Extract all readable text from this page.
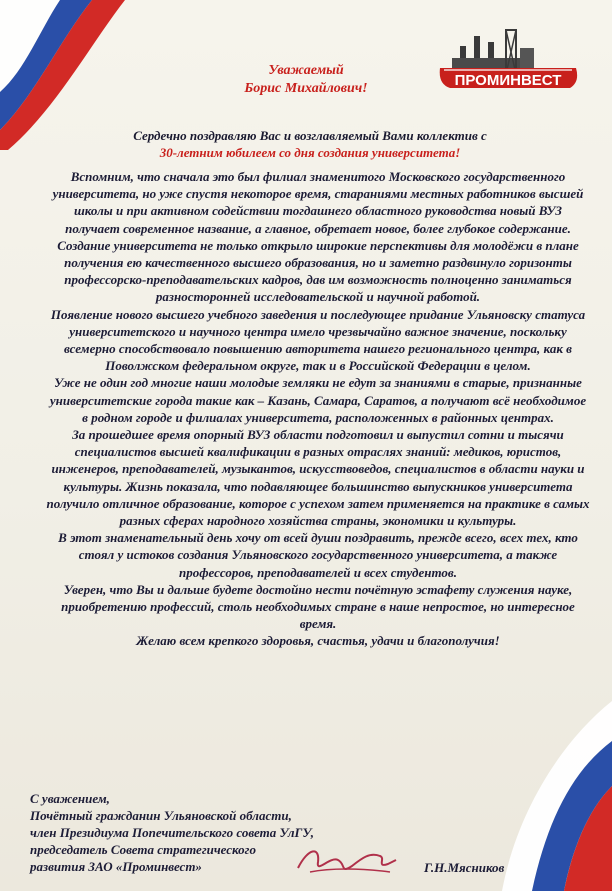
ПРОМИНВЕСТ
Уважаемый
Борис Михайлович!
Сердечно поздравляю Вас и возглавляемый Вами коллектив с
30-летним юбилеем со дня создания университета!

Вспомним, что сначала это был филиал знаменитого Московского государственного университета, но уже спустя некоторое время, стараниями местных работников высшей школы и при активном содействии тогдашнего областного руководства новый ВУЗ получает современное название, а главное, обретает новое, более глубокое содержание.

Создание университета не только открыло широкие перспективы для молодёжи в плане получения ею качественного высшего образования, но и заметно раздвинуло горизонты профессорско-преподавательских кадров, дав им возможность полноценно заниматься разносторонней исследовательской и научной работой.

Появление нового высшего учебного заведения и последующее придание Ульяновску статуса университетского и научного центра имело чрезвычайно важное значение, поскольку всемерно способствовало повышению авторитета нашего регионального центра, как в Поволжском федеральном округе, так и в Российской Федерации в целом.

Уже не один год многие наши молодые земляки не едут за знаниями в старые, признанные университетские города такие как – Казань, Самара, Саратов, а получают всё необходимое в родном городе и филиалах университета, расположенных в районных центрах.

За прошедшее время опорный ВУЗ области подготовил и выпустил сотни и тысячи специалистов высшей квалификации в разных отраслях знаний: медиков, юристов, инженеров, преподавателей, музыкантов, искусствоведов, специалистов в области науки и культуры. Жизнь показала, что подавляющее большинство выпускников университета получило отличное образование, которое с успехом затем применяется на практике в самых разных сферах народного хозяйства страны, экономики и культуры.

В этот знаменательный день хочу от всей души поздравить, прежде всего, всех тех, кто стоял у истоков создания Ульяновского государственного университета, а также профессоров, преподавателей и всех студентов.

Уверен, что Вы и дальше будете достойно нести почётную эстафету служения науке, приобретению профессий, столь необходимых стране в наше непростое, но интересное время.

Желаю всем крепкого здоровья, счастья, удачи и благополучия!

С уважением,
Почётный гражданин Ульяновской области,
член Президиума Попечительского совета УлГУ,
председатель Совета стратегического
развития ЗАО «Проминвест»	Г.Н.Мясников
